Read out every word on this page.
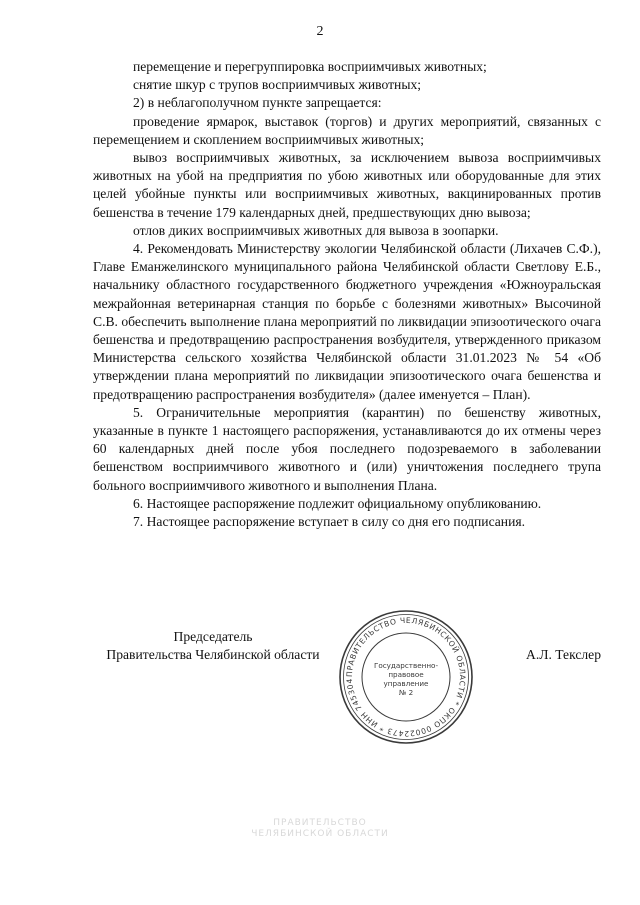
2

перемещение и перегруппировка восприимчивых животных;

снятие шкур с трупов восприимчивых животных;

2) в неблагополучном пункте запрещается:

проведение ярмарок, выставок (торгов) и других мероприятий, связанных с перемещением и скоплением восприимчивых животных;

вывоз восприимчивых животных, за исключением вывоза восприимчивых животных на убой на предприятия по убою животных или оборудованные для этих целей убойные пункты или восприимчивых животных, вакцинированных против бешенства в течение 179 календарных дней, предшествующих дню вывоза;

отлов диких восприимчивых животных для вывоза в зоопарки.

4. Рекомендовать Министерству экологии Челябинской области (Лихачев С.Ф.), Главе Еманжелинского муниципального района Челябинской области Светлову Е.Б., начальнику областного государственного бюджетного учреждения «Южноуральская межрайонная ветеринарная станция по борьбе с болезнями животных» Высочиной С.В. обеспечить выполнение плана мероприятий по ликвидации эпизоотического очага бешенства и предотвращению распространения возбудителя, утвержденного приказом Министерства сельского хозяйства Челябинской области 31.01.2023 № 54 «Об утверждении плана мероприятий по ликвидации эпизоотического очага бешенства и предотвращению распространения возбудителя» (далее именуется – План).

5. Ограничительные мероприятия (карантин) по бешенству животных, указанные в пункте 1 настоящего распоряжения, устанавливаются до их отмены через 60 календарных дней после убоя последнего подозреваемого в заболевании бешенством восприимчивого животного и (или) уничтожения последнего трупа больного восприимчивого животного и выполнения Плана.

6. Настоящее распоряжение подлежит официальному опубликованию.

7. Настоящее распоряжение вступает в силу со дня его подписания.

Председатель
Правительства Челябинской области	А.Л. Текслер
ПРАВИТЕЛЬСТВО ЧЕЛЯБИНСКОЙ ОБЛАСТИ * ОКПО 00022473 * ИНН 745304
Государственно-
правовое
управление
№ 2
ПРАВИТЕЛЬСТВО
ЧЕЛЯБИНСКОЙ ОБЛАСТИ
